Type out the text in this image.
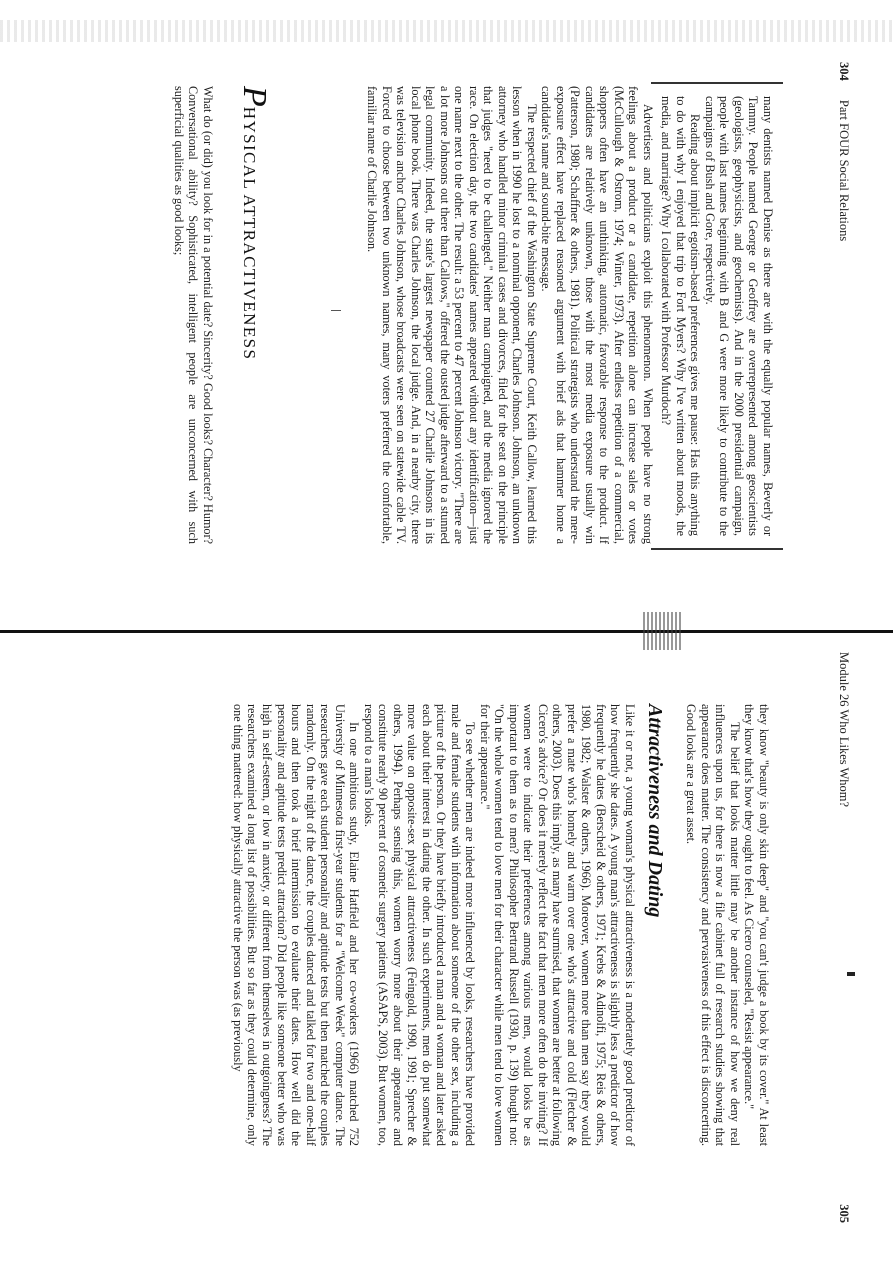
304 Part FOUR Social Relations

many dentists named Denise as there are with the equally popular names, Beverly or Tammy. People named George or Geoffrey are overrepresented among geoscientists (geologists, geophysicists, and geochemists). And in the 2000 presidential campaign, people with last names beginning with B and G were more likely to contribute to the campaigns of Bush and Gore, respectively.

Reading about implicit egotism-based preferences gives me pause: Has this anything to do with why I enjoyed that trip to Fort Myers? Why I've written about moods, the media, and marriage? Why I collaborated with Professor Murdoch?

Advertisers and politicians exploit this phenomenon. When people have no strong feelings about a product or a candidate, repetition alone can increase sales or votes (McCullough & Ostrom, 1974; Winter, 1973). After endless repetition of a commercial, shoppers often have an unthinking, automatic, favorable response to the product. If candidates are relatively unknown, those with the most media exposure usually win (Patterson, 1980; Schaffner & others, 1981). Political strategists who understand the mere-exposure effect have replaced reasoned argument with brief ads that hammer home a candidate's name and sound-bite message.

The respected chief of the Washington State Supreme Court, Keith Callow, learned this lesson when in 1990 he lost to a nominal opponent, Charles Johnson. Johnson, an unknown attorney who handled minor criminal cases and divorces, filed for the seat on the principle that judges "need to be challenged." Neither man campaigned, and the media ignored the race. On election day, the two candidates' names appeared without any identification—just one name next to the other. The result: a 53 percent to 47 percent Johnson victory. "There are a lot more Johnsons out there than Callows," offered the ousted judge afterward to a stunned legal community. Indeed, the state's largest newspaper counted 27 Charlie Johnsons in its local phone book. There was Charles Johnson, the local judge. And, in a nearby city, there was television anchor Charles Johnson, whose broadcasts were seen on statewide cable TV. Forced to choose between two unknown names, many voters preferred the comfortable, familiar name of Charlie Johnson.

PHYSICAL ATTRACTIVENESS

What do (or did) you look for in a potential date? Sincerity? Good looks? Character? Humor? Conversational ability? Sophisticated, intelligent people are unconcerned with such superficial qualities as good looks;

Module 26 Who Likes Whom?
305

they know "beauty is only skin deep" and "you can't judge a book by its cover." At least they know that's how they ought to feel. As Cicero counseled, "Resist appearance."

The belief that looks matter little may be another instance of how we deny real influences upon us, for there is now a file cabinet full of research studies showing that appearance does matter. The consistency and pervasiveness of this effect is disconcerting. Good looks are a great asset.

Attractiveness and Dating

Like it or not, a young woman's physical attractiveness is a moderately good predictor of how frequently she dates. A young man's attractiveness is slightly less a predictor of how frequently he dates (Berscheid & others, 1971; Krebs & Adinolfi, 1975; Reis & others, 1980, 1982; Walster & others, 1966). Moreover, women more than men say they would prefer a mate who's homely and warm over one who's attractive and cold (Fletcher & others, 2003). Does this imply, as many have surmised, that women are better at following Cicero's advice? Or does it merely reflect the fact that men more often do the inviting? If women were to indicate their preferences among various men, would looks be as important to them as to men? Philosopher Bertrand Russell (1930, p. 139) thought not: "On the whole women tend to love men for their character while men tend to love women for their appearance."

To see whether men are indeed more influenced by looks, researchers have provided male and female students with information about someone of the other sex, including a picture of the person. Or they have briefly introduced a man and a woman and later asked each about their interest in dating the other. In such experiments, men do put somewhat more value on opposite-sex physical attractiveness (Feingold, 1990, 1991; Sprecher & others, 1994). Perhaps sensing this, women worry more about their appearance and constitute nearly 90 percent of cosmetic surgery patients (ASAPS, 2003). But women, too, respond to a man's looks.

In one ambitious study, Elaine Hatfield and her co-workers (1966) matched 752 University of Minnesota first-year students for a "Welcome Week" computer dance. The researchers gave each student personality and aptitude tests but then matched the couples randomly. On the night of the dance, the couples danced and talked for two and one-half hours and then took a brief intermission to evaluate their dates. How well did the personality and aptitude tests predict attraction? Did people like someone better who was high in self-esteem, or low in anxiety, or different from themselves in outgoingness? The researchers examined a long list of possibilities. But so far as they could determine, only one thing mattered: how physically attractive the person was (as previously
